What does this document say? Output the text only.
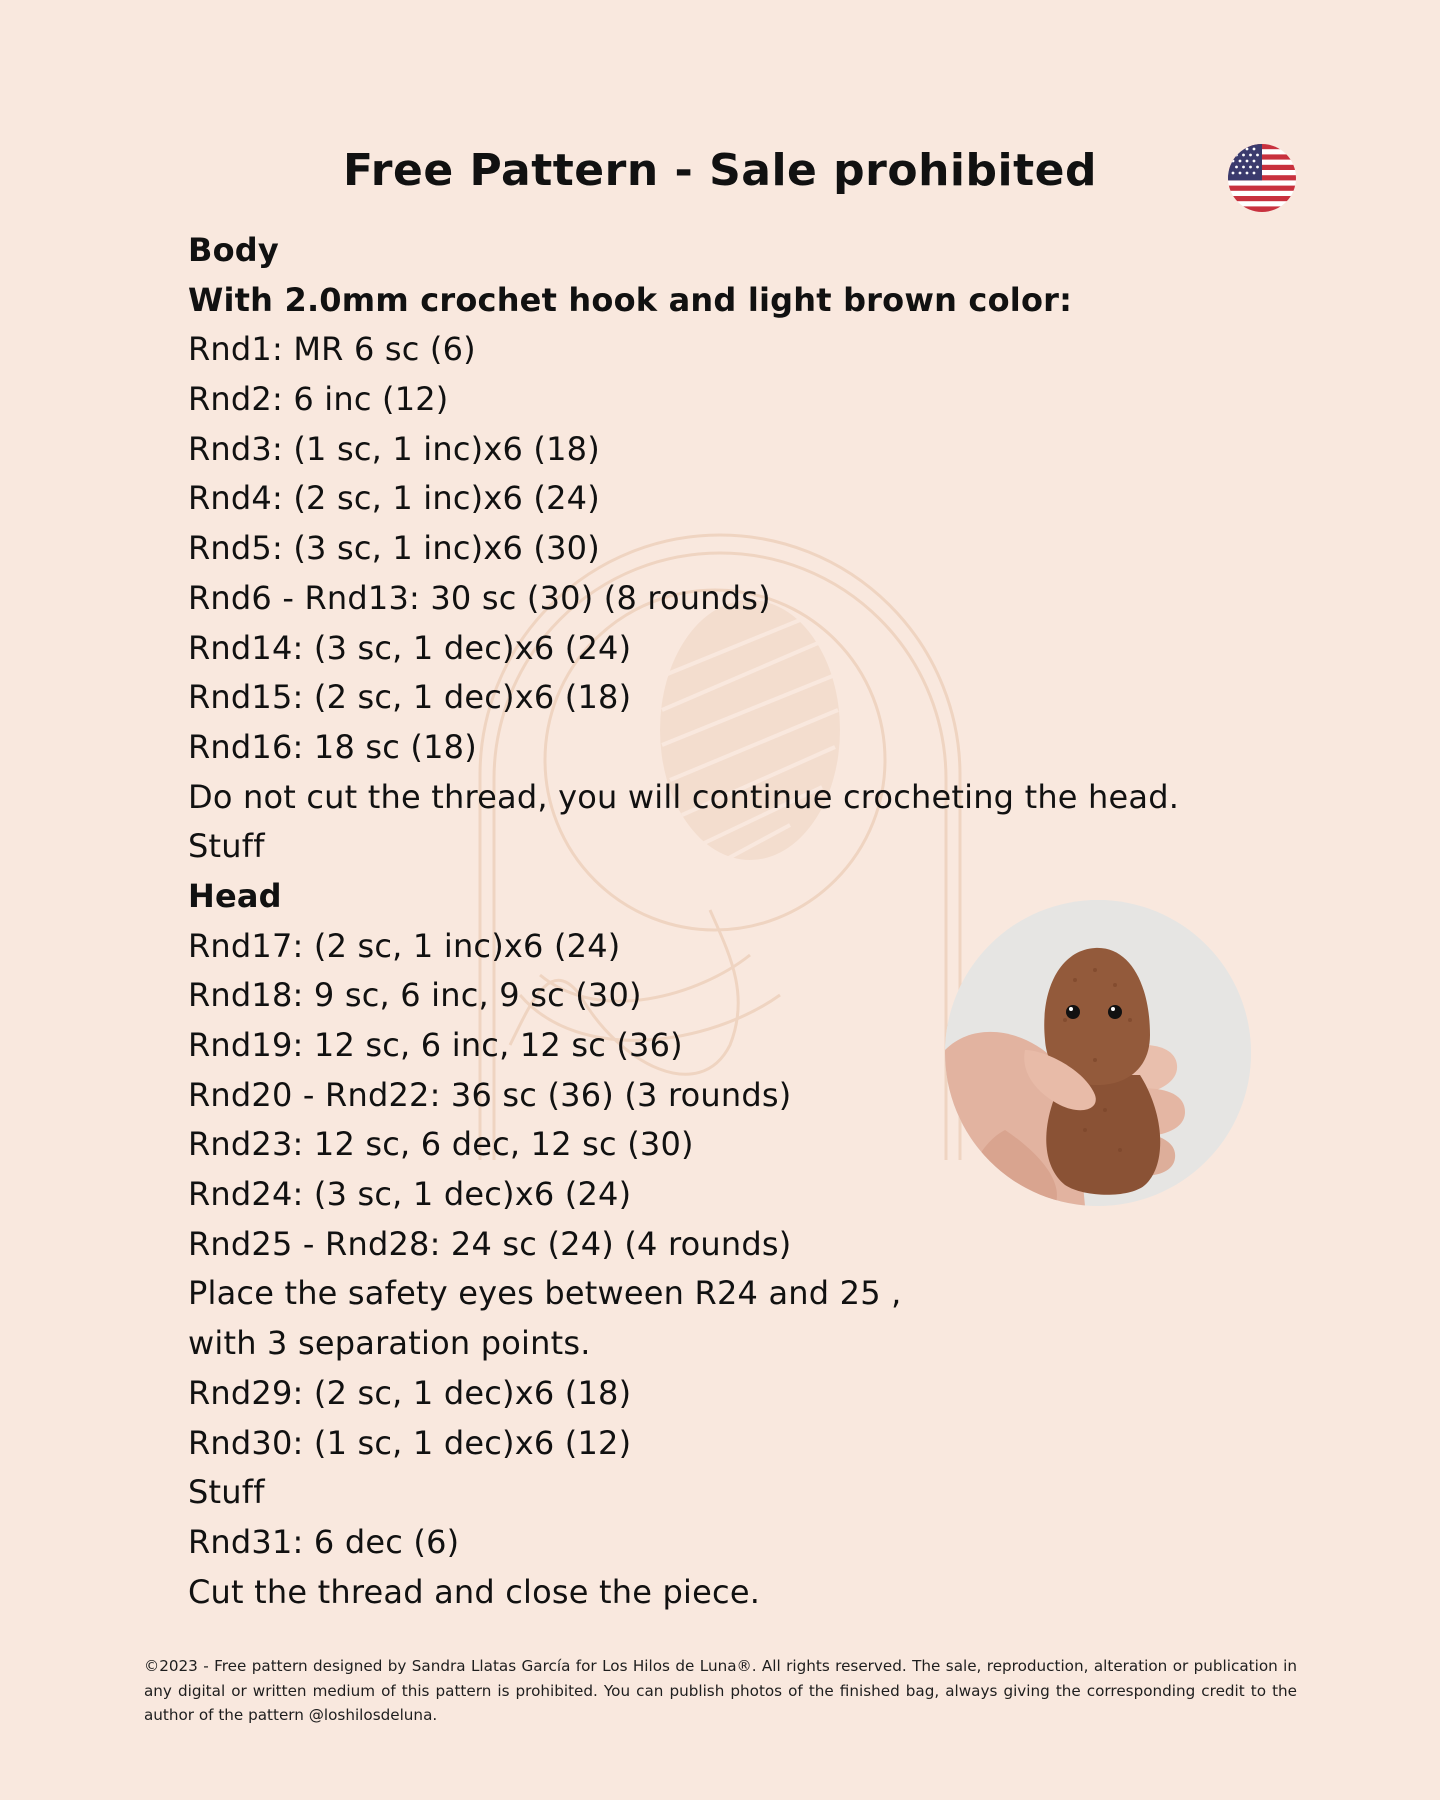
Free Pattern - Sale prohibited
Body
With 2.0mm crochet hook and light brown color:
Rnd1: MR 6 sc (6)
Rnd2: 6 inc (12)
Rnd3: (1 sc, 1 inc)x6 (18)
Rnd4: (2 sc, 1 inc)x6 (24)
Rnd5: (3 sc, 1 inc)x6 (30)
Rnd6 - Rnd13: 30 sc (30) (8 rounds)
Rnd14: (3 sc, 1 dec)x6 (24)
Rnd15: (2 sc, 1 dec)x6 (18)
Rnd16: 18 sc (18)
Do not cut the thread, you will continue crocheting the head.
Stuff
Head
Rnd17: (2 sc, 1 inc)x6 (24)
Rnd18: 9 sc, 6 inc, 9 sc (30)
Rnd19: 12 sc, 6 inc, 12 sc (36)
Rnd20 - Rnd22: 36 sc (36) (3 rounds)
Rnd23: 12 sc, 6 dec, 12 sc (30)
Rnd24: (3 sc, 1 dec)x6 (24)
Rnd25 - Rnd28: 24 sc (24) (4 rounds)
Place the safety eyes between R24 and 25 ,
with 3 separation points.
Rnd29: (2 sc, 1 dec)x6 (18)
Rnd30: (1 sc, 1 dec)x6 (12)
Stuff
Rnd31: 6 dec (6)
Cut the thread and close the piece.

©2023 - Free pattern designed by Sandra Llatas García for Los Hilos de Luna®. All rights reserved. The sale, reproduction, alteration or publication in any digital or written medium of this pattern is prohibited. You can publish photos of the finished bag, always giving the corresponding credit to the author of the pattern @loshilosdeluna.
